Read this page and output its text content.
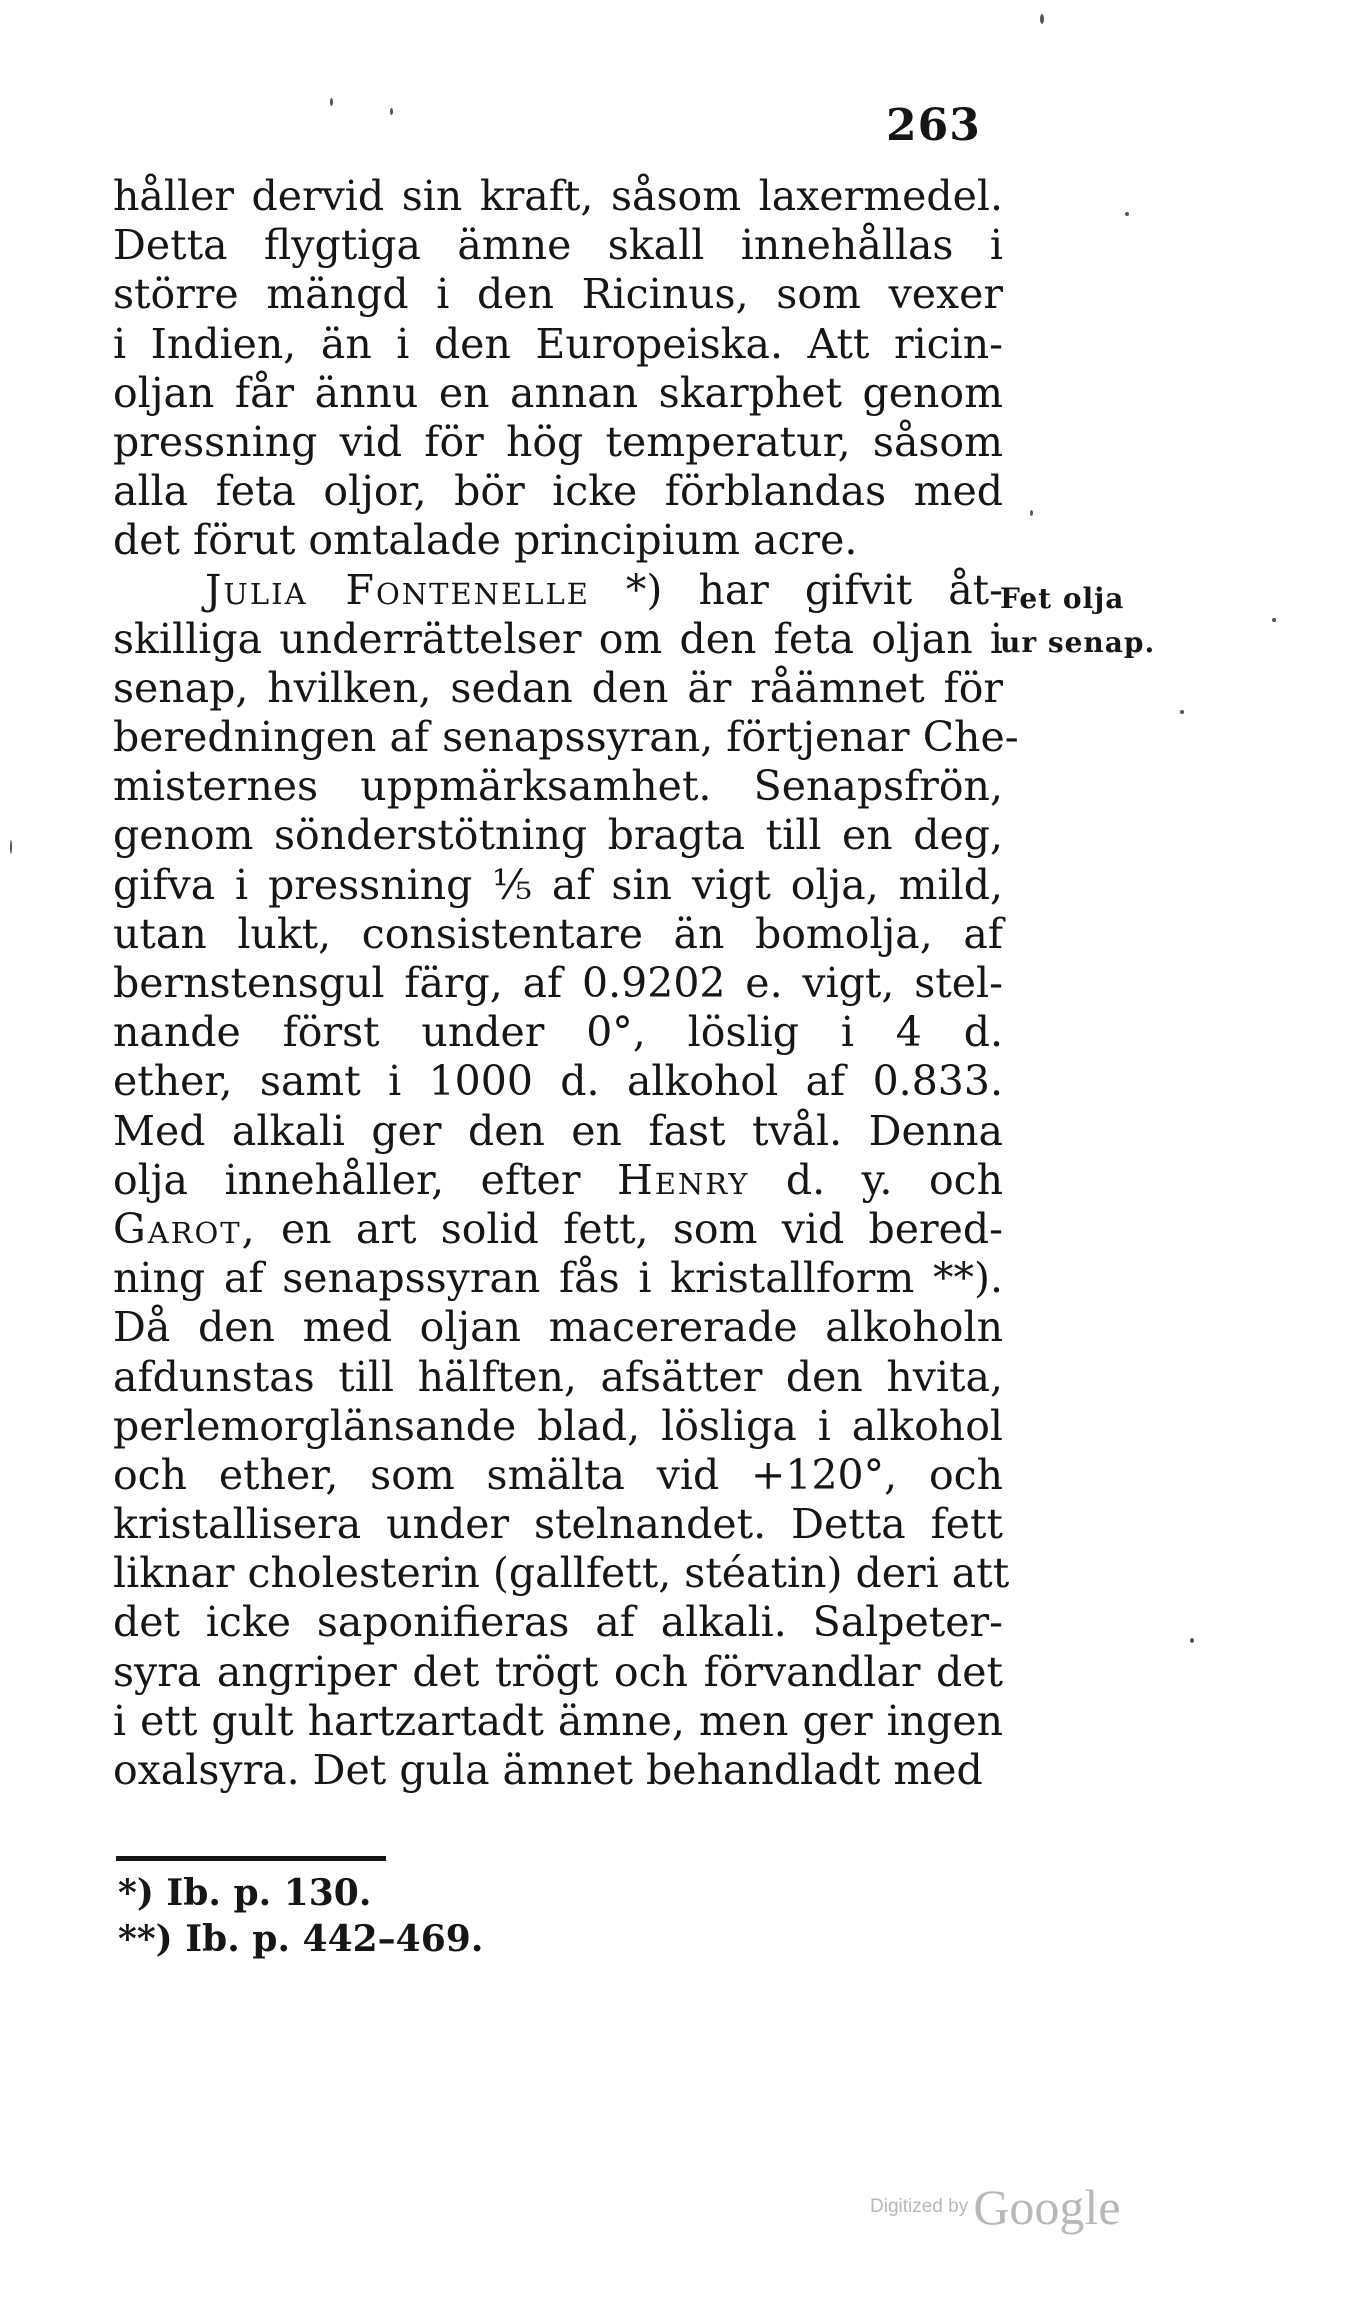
263
håller dervid sin kraft, såsom laxermedel.
Detta flygtiga ämne skall innehållas i
större mängd i den Ricinus, som vexer
i Indien, än i den Europeiska. Att ricin-
oljan får ännu en annan skarphet genom
pressning vid för hög temperatur, såsom
alla feta oljor, bör icke förblandas med
det förut omtalade principium acre.
Julia Fontenelle *) har gifvit åt-
skilliga underrättelser om den feta oljan i
senap, hvilken, sedan den är råämnet för
beredningen af senapssyran, förtjenar Che-
misternes uppmärksamhet. Senapsfrön,
genom sönderstötning bragta till en deg,
gifva i pressning ⅕ af sin vigt olja, mild,
utan lukt, consistentare än bomolja, af
bernstensgul färg, af 0.9202 e. vigt, stel-
nande först under 0°, löslig i 4 d.
ether, samt i 1000 d. alkohol af 0.833.
Med alkali ger den en fast tvål. Denna
olja innehåller, efter Henry d. y. och
Garot, en art solid fett, som vid bered-
ning af senapssyran fås i kristallform **).
Då den med oljan macererade alkoholn
afdunstas till hälften, afsätter den hvita,
perlemorglänsande blad, lösliga i alkohol
och ether, som smälta vid +120°, och
kristallisera under stelnandet. Detta fett
liknar cholesterin (gallfett, stéatin) deri att
det icke saponifieras af alkali. Salpeter-
syra angriper det trögt och förvandlar det
i ett gult hartzartadt ämne, men ger ingen
oxalsyra. Det gula ämnet behandladt med
Fet olja
ur senap.
*) Ib. p. 130.
**) Ib. p. 442–469.
Digitized by Google
